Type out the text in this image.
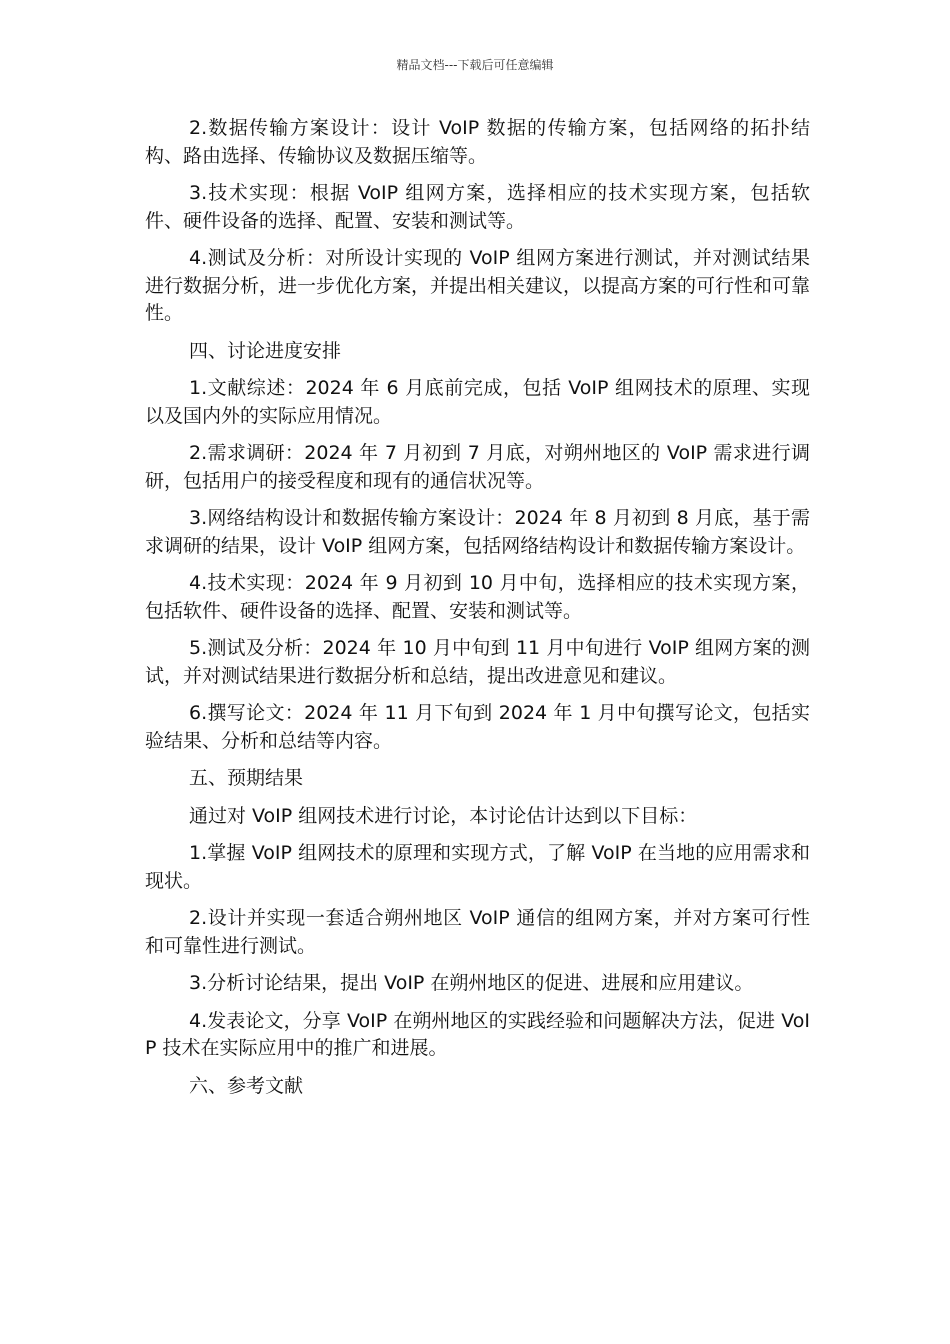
精品文档---下载后可任意编辑

2.数据传输方案设计：设计 VoIP 数据的传输方案，包括网络的拓扑结构、路由选择、传输协议及数据压缩等。

3.技术实现：根据 VoIP 组网方案，选择相应的技术实现方案，包括软件、硬件设备的选择、配置、安装和测试等。

4.测试及分析：对所设计实现的 VoIP 组网方案进行测试，并对测试结果进行数据分析，进一步优化方案，并提出相关建议，以提高方案的可行性和可靠性。

四、讨论进度安排

1.文献综述：2024 年 6 月底前完成，包括 VoIP 组网技术的原理、实现以及国内外的实际应用情况。

2.需求调研：2024 年 7 月初到 7 月底，对朔州地区的 VoIP 需求进行调研，包括用户的接受程度和现有的通信状况等。

3.网络结构设计和数据传输方案设计：2024 年 8 月初到 8 月底，基于需求调研的结果，设计 VoIP 组网方案，包括网络结构设计和数据传输方案设计。

4.技术实现：2024 年 9 月初到 10 月中旬，选择相应的技术实现方案，包括软件、硬件设备的选择、配置、安装和测试等。

5.测试及分析：2024 年 10 月中旬到 11 月中旬进行 VoIP 组网方案的测试，并对测试结果进行数据分析和总结，提出改进意见和建议。

6.撰写论文：2024 年 11 月下旬到 2024 年 1 月中旬撰写论文，包括实验结果、分析和总结等内容。

五、预期结果

通过对 VoIP 组网技术进行讨论，本讨论估计达到以下目标：

1.掌握 VoIP 组网技术的原理和实现方式，了解 VoIP 在当地的应用需求和现状。

2.设计并实现一套适合朔州地区 VoIP 通信的组网方案，并对方案可行性和可靠性进行测试。

3.分析讨论结果，提出 VoIP 在朔州地区的促进、进展和应用建议。

4.发表论文，分享 VoIP 在朔州地区的实践经验和问题解决方法，促进 VoIP 技术在实际应用中的推广和进展。

六、参考文献
